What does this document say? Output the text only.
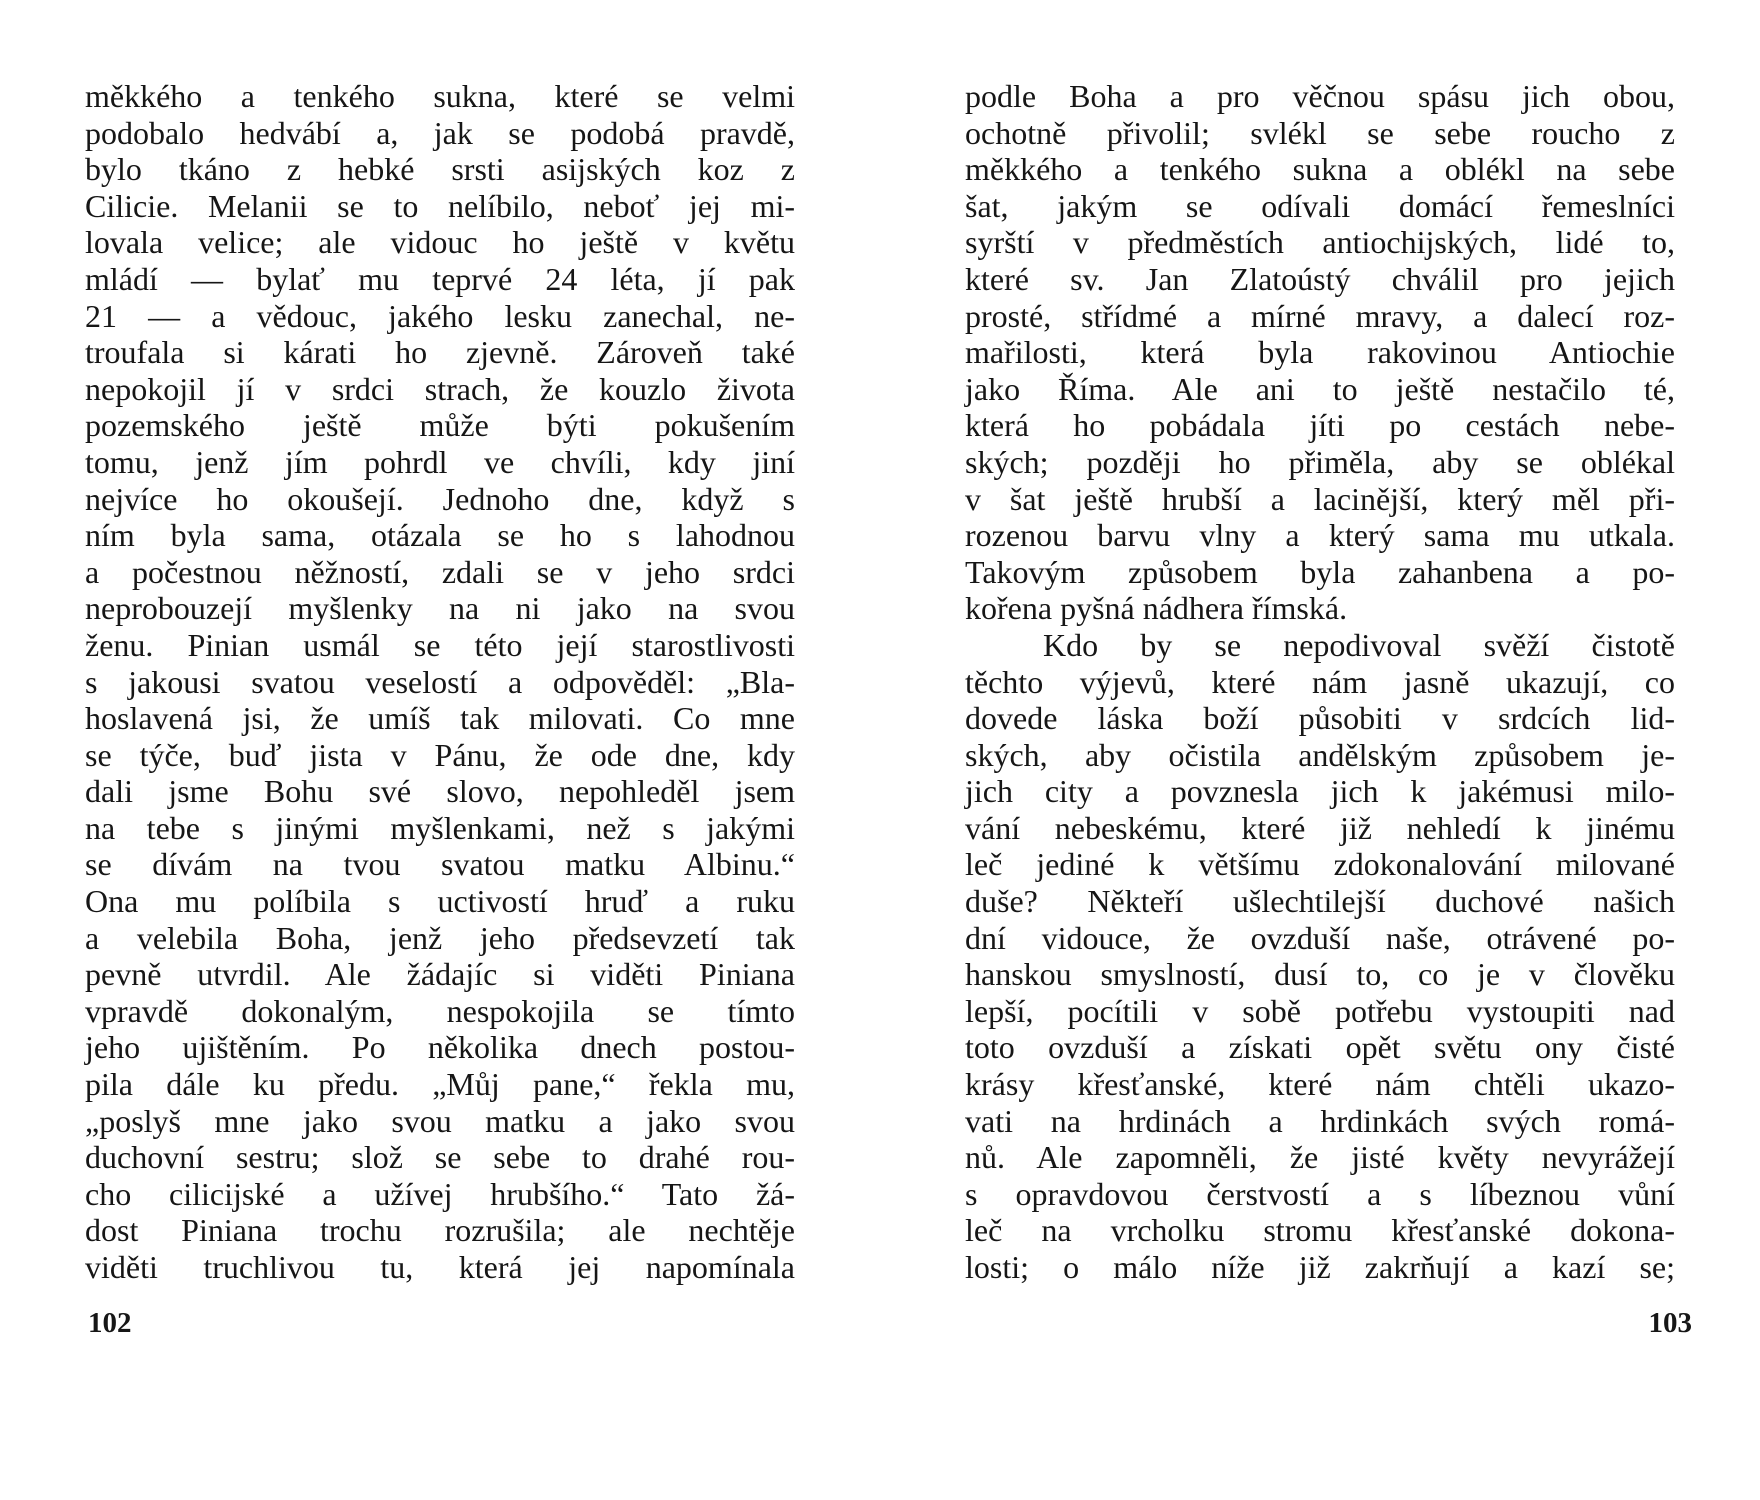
měkkého a tenkého sukna, které se velmi
podobalo hedvábí a, jak se podobá pravdě,
bylo tkáno z hebké srsti asijských koz z
Cilicie. Melanii se to nelíbilo, neboť jej mi-
lovala velice; ale vidouc ho ještě v květu
mládí — bylať mu teprvé 24 léta, jí pak
21 — a vědouc, jakého lesku zanechal, ne-
troufala si kárati ho zjevně. Zároveň také
nepokojil jí v srdci strach, že kouzlo života
pozemského ještě může býti pokušením
tomu, jenž jím pohrdl ve chvíli, kdy jiní
nejvíce ho okoušejí. Jednoho dne, když s
ním byla sama, otázala se ho s lahodnou
a počestnou něžností, zdali se v jeho srdci
neprobouzejí myšlenky na ni jako na svou
ženu. Pinian usmál se této její starostlivosti
s jakousi svatou veselostí a odpověděl: „Bla-
hoslavená jsi, že umíš tak milovati. Co mne
se týče, buď jista v Pánu, že ode dne, kdy
dali jsme Bohu své slovo, nepohleděl jsem
na tebe s jinými myšlenkami, než s jakými
se dívám na tvou svatou matku Albinu.“
Ona mu políbila s uctivostí hruď a ruku
a velebila Boha, jenž jeho předsevzetí tak
pevně utvrdil. Ale žádajíc si viděti Piniana
vpravdě dokonalým, nespokojila se tímto
jeho ujištěním. Po několika dnech postou-
pila dále ku předu. „Můj pane,“ řekla mu,
„poslyš mne jako svou matku a jako svou
duchovní sestru; slož se sebe to drahé rou-
cho cilicijské a užívej hrubšího.“ Tato žá-
dost Piniana trochu rozrušila; ale nechtěje
viděti truchlivou tu, která jej napomínala
102
podle Boha a pro věčnou spásu jich obou,
ochotně přivolil; svlékl se sebe roucho z
měkkého a tenkého sukna a oblékl na sebe
šat, jakým se odívali domácí řemeslníci
syrští v předměstích antiochijských, lidé to,
které sv. Jan Zlatoústý chválil pro jejich
prosté, střídmé a mírné mravy, a dalecí roz-
mařilosti, která byla rakovinou Antiochie
jako Říma. Ale ani to ještě nestačilo té,
která ho pobádala jíti po cestách nebe-
ských; později ho přiměla, aby se oblékal
v šat ještě hrubší a lacinější, který měl při-
rozenou barvu vlny a který sama mu utkala.
Takovým způsobem byla zahanbena a po-
kořena pyšná nádhera římská.
Kdo by se nepodivoval svěží čistotě
těchto výjevů, které nám jasně ukazují, co
dovede láska boží působiti v srdcích lid-
ských, aby očistila andělským způsobem je-
jich city a povznesla jich k jakémusi milo-
vání nebeskému, které již nehledí k jinému
leč jediné k většímu zdokonalování milované
duše? Někteří ušlechtilejší duchové našich
dní vidouce, že ovzduší naše, otrávené po-
hanskou smyslností, dusí to, co je v člověku
lepší, pocítili v sobě potřebu vystoupiti nad
toto ovzduší a získati opět světu ony čisté
krásy křesťanské, které nám chtěli ukazo-
vati na hrdinách a hrdinkách svých romá-
nů. Ale zapomněli, že jisté květy nevyrážejí
s opravdovou čerstvostí a s líbeznou vůní
leč na vrcholku stromu křesťanské dokona-
losti; o málo níže již zakrňují a kazí se;
103
